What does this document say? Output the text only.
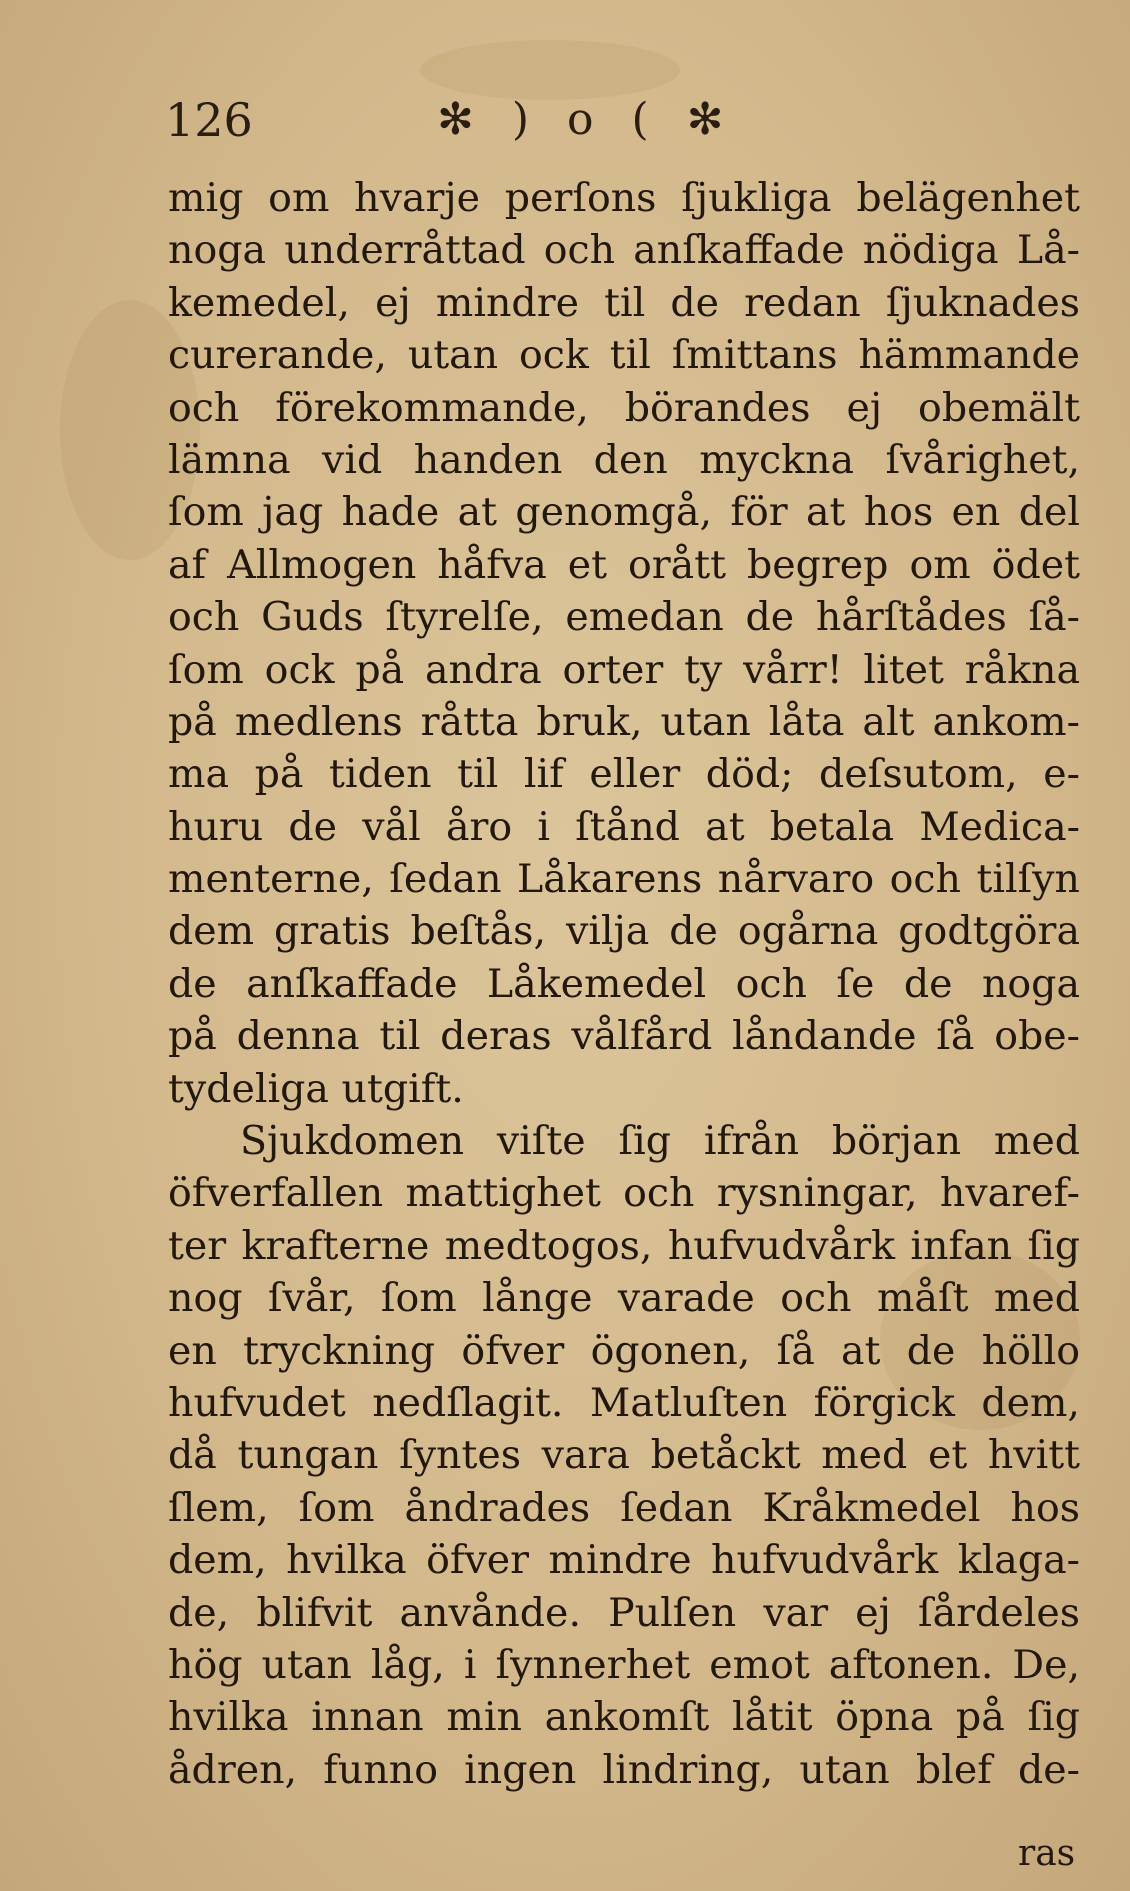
126	✻ ) o ( ✻
mig om hvarje perſons ſjukliga belägenhet
noga underråttad och anſkaffade nödiga Lå-
kemedel, ej mindre til de redan ſjuknades
curerande, utan ock til ſmittans hämmande
och förekommande, börandes ej obemält
lämna vid handen den myckna ſvårighet,
ſom jag hade at genomgå, för at hos en del
af Allmogen håfva et orått begrep om ödet
och Guds ſtyrelſe, emedan de hårſtådes ſå-
ſom ock på andra orter ty vårr! litet råkna
på medlens råtta bruk, utan låta alt ankom-
ma på tiden til lif eller död; deſsutom, e-
huru de vål åro i ſtånd at betala Medica-
menterne, ſedan Låkarens nårvaro och tilſyn
dem gratis beſtås, vilja de ogårna godtgöra
de anſkaffade Låkemedel och ſe de noga
på denna til deras vålfård låndande ſå obe-
tydeliga utgift.
Sjukdomen viſte ſig ifrån början med
öfverfallen mattighet och rysningar, hvaref-
ter krafterne medtogos, hufvudvårk infan ſig
nog ſvår, ſom långe varade och måſt med
en tryckning öfver ögonen, ſå at de höllo
hufvudet nedſlagit. Matluſten förgick dem,
då tungan ſyntes vara betåckt med et hvitt
ſlem, ſom åndrades ſedan Kråkmedel hos
dem, hvilka öfver mindre hufvudvårk klaga-
de, blifvit anvånde. Pulſen var ej ſårdeles
hög utan låg, i ſynnerhet emot aftonen. De,
hvilka innan min ankomſt låtit öpna på ſig
ådren, funno ingen lindring, utan blef de-
ras
